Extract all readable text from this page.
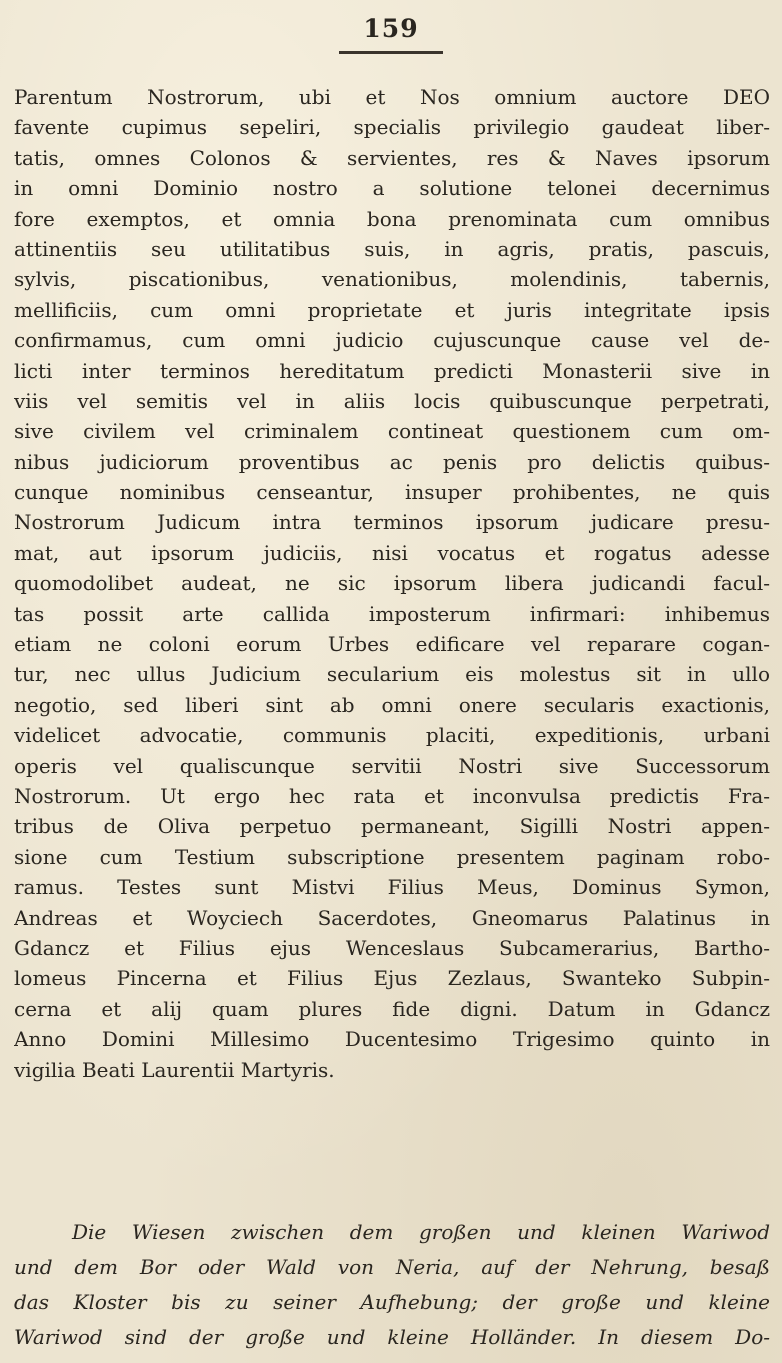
159
Parentum Nostrorum, ubi et Nos omnium auctore DEO
favente cupimus sepeliri, specialis privilegio gaudeat liber-
tatis, omnes Colonos & servientes, res & Naves ipsorum
in omni Dominio nostro a solutione telonei decernimus
fore exemptos, et omnia bona prenominata cum omnibus
attinentiis seu utilitatibus suis, in agris, pratis, pascuis,
sylvis, piscationibus, venationibus, molendinis, tabernis,
mellificiis, cum omni proprietate et juris integritate ipsis
confirmamus, cum omni judicio cujuscunque cause vel de-
licti inter terminos hereditatum predicti Monasterii sive in
viis vel semitis vel in aliis locis quibuscunque perpetrati,
sive civilem vel criminalem contineat questionem cum om-
nibus judiciorum proventibus ac penis pro delictis quibus-
cunque nominibus censeantur, insuper prohibentes, ne quis
Nostrorum Judicum intra terminos ipsorum judicare presu-
mat, aut ipsorum judiciis, nisi vocatus et rogatus adesse
quomodolibet audeat, ne sic ipsorum libera judicandi facul-
tas possit arte callida imposterum infirmari: inhibemus
etiam ne coloni eorum Urbes edificare vel reparare cogan-
tur, nec ullus Judicium secularium eis molestus sit in ullo
negotio, sed liberi sint ab omni onere secularis exactionis,
videlicet advocatie, communis placiti, expeditionis, urbani
operis vel qualiscunque servitii Nostri sive Successorum
Nostrorum. Ut ergo hec rata et inconvulsa predictis Fra-
tribus de Oliva perpetuo permaneant, Sigilli Nostri appen-
sione cum Testium subscriptione presentem paginam robo-
ramus. Testes sunt Mistvi Filius Meus, Dominus Symon,
Andreas et Woyciech Sacerdotes, Gneomarus Palatinus in
Gdancz et Filius ejus Wenceslaus Subcamerarius, Bartho-
lomeus Pincerna et Filius Ejus Zezlaus, Swanteko Subpin-
cerna et alij quam plures fide digni. Datum in Gdancz
Anno Domini Millesimo Ducentesimo Trigesimo quinto in
vigilia Beati Laurentii Martyris.
Die Wiesen zwischen dem großen und kleinen Wariwod
und dem Bor oder Wald von Neria, auf der Nehrung, besaß
das Kloster bis zu seiner Aufhebung; der große und kleine
Wariwod sind der große und kleine Holländer. In diesem Do-
